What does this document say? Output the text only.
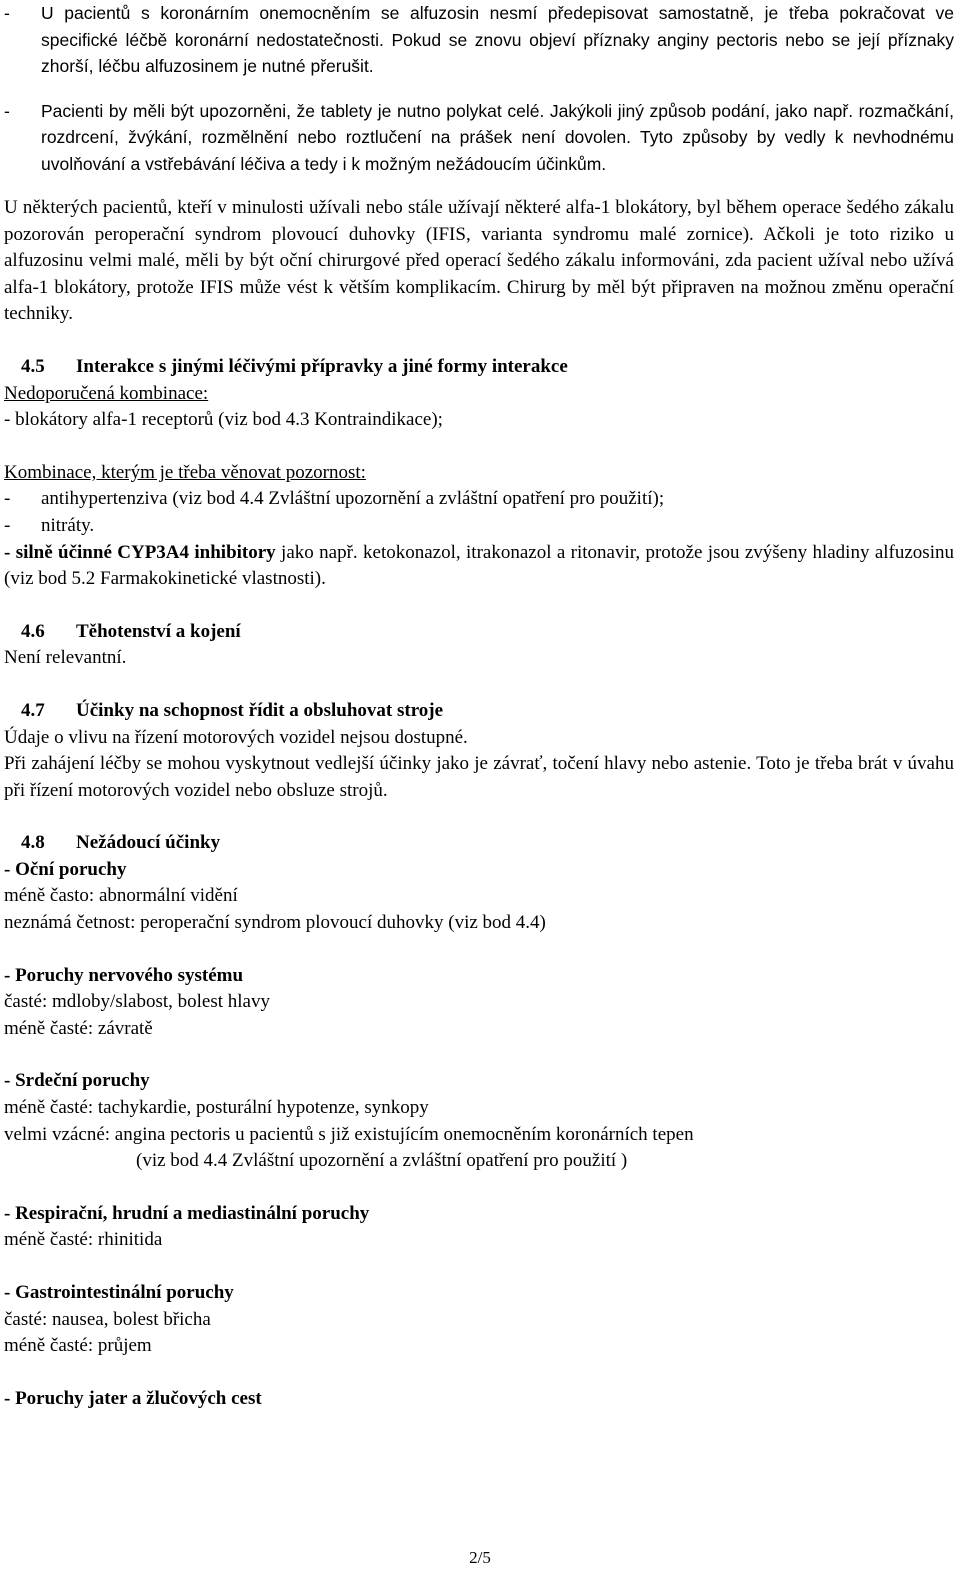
-	U pacientů s koronárním onemocněním se alfuzosin nesmí předepisovat samostatně, je třeba pokračovat ve specifické léčbě koronární nedostatečnosti. Pokud se znovu objeví příznaky anginy pectoris nebo se její příznaky zhorší, léčbu alfuzosinem je nutné přerušit.

-	Pacienti by měli být upozorněni, že tablety je nutno polykat celé. Jakýkoli jiný způsob podání, jako např. rozmačkání, rozdrcení, žvýkání, rozmělnění nebo roztlučení na prášek není dovolen. Tyto způsoby by vedly k nevhodnému uvolňování a vstřebávání léčiva a tedy i k možným nežádoucím účinkům.

U některých pacientů, kteří v minulosti užívali nebo stále užívají některé alfa-1 blokátory, byl během operace šedého zákalu pozorován peroperační syndrom plovoucí duhovky (IFIS, varianta syndromu malé zornice). Ačkoli je toto riziko u alfuzosinu velmi malé, měli by být oční chirurgové před operací šedého zákalu informováni, zda pacient užíval nebo užívá alfa-1 blokátory, protože IFIS může vést k větším komplikacím. Chirurg by měl být připraven na možnou změnu operační techniky.

4.5	Interakce s jinými léčivými přípravky a jiné formy interakce

Nedoporučená kombinace:

- blokátory alfa-1 receptorů (viz bod 4.3 Kontraindikace);

Kombinace, kterým je třeba věnovat pozornost:

-	antihypertenziva (viz bod 4.4 Zvláštní upozornění a zvláštní opatření pro použití);
-	nitráty.

- silně účinné CYP3A4 inhibitory jako např. ketokonazol, itrakonazol a ritonavir, protože jsou zvýšeny hladiny alfuzosinu (viz bod 5.2 Farmakokinetické vlastnosti).

4.6	Těhotenství a kojení

Není relevantní.

4.7	Účinky na schopnost řídit a obsluhovat stroje

Údaje o vlivu na řízení motorových vozidel nejsou dostupné.

Při zahájení léčby se mohou vyskytnout vedlejší účinky jako je závrať, točení hlavy nebo astenie. Toto je třeba brát v úvahu při řízení motorových vozidel nebo obsluze strojů.

4.8	Nežádoucí účinky

- Oční poruchy

méně často: abnormální vidění

neznámá četnost: peroperační syndrom plovoucí duhovky (viz bod 4.4)

- Poruchy nervového systému

časté: mdloby/slabost, bolest hlavy

méně časté: závratě

- Srdeční poruchy

méně časté: tachykardie, posturální hypotenze, synkopy

velmi vzácné: angina pectoris u pacientů s již existujícím onemocněním koronárních tepen

(viz bod 4.4 Zvláštní upozornění a zvláštní opatření pro použití )

- Respirační, hrudní a mediastinální poruchy

méně časté: rhinitida

- Gastrointestinální poruchy

časté: nausea, bolest břicha

méně časté: průjem

- Poruchy jater a žlučových cest

2/5
